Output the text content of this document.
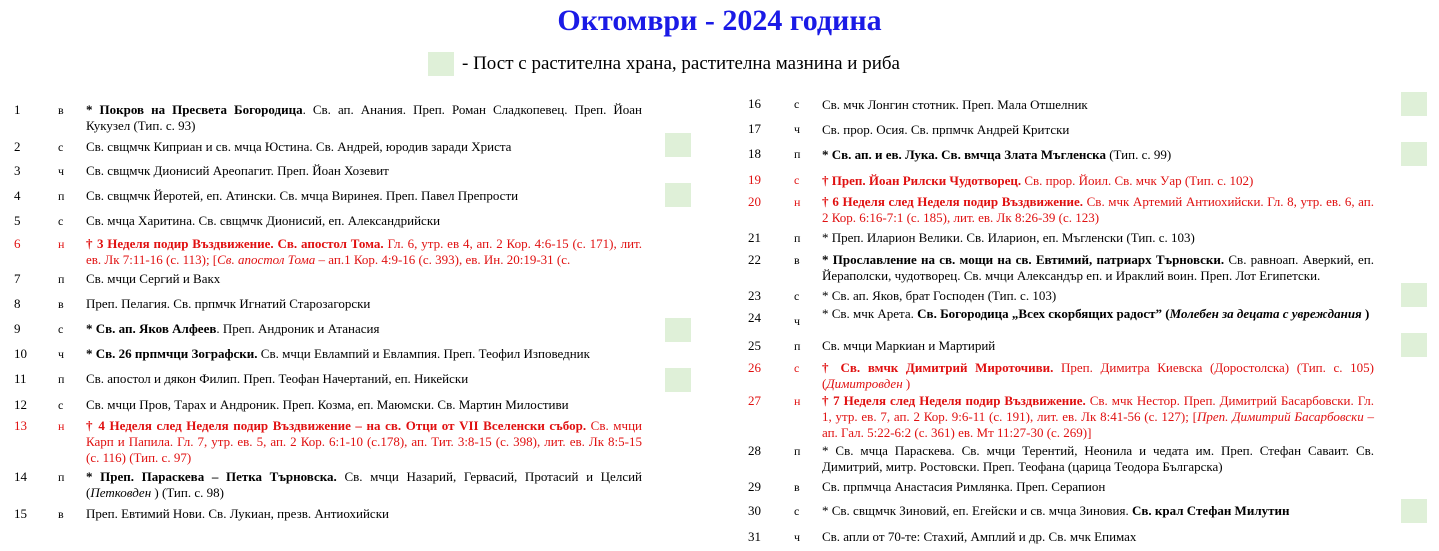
Октомври - 2024 година
- Пост с растителна храна, растителна мазнина и риба
1	в	* Покров на Пресвета Богородица. Св. ап. Анания. Преп. Роман Сладкопевец. Преп. Йоан Кукузел (Тип. с. 93)
2	с	Св. свщмчк Киприан и св. мчца Юстина. Св. Андрей, юродив заради Христа
3	ч	Св. свщмчк Дионисий Ареопагит. Преп. Йоан Хозевит
4	п	Св. свщмчк Йеротей, еп. Атински. Св. мчца Виринея. Преп. Павел Препрости
5	с	Св. мчца Харитина. Св. свщмчк Дионисий, еп. Александрийски
6	н	† 3 Неделя подир Въздвижение. Св. апостол Тома. Гл. 6, утр. ев 4, ап. 2 Кор. 4:6-15 (с. 171), лит. ев. Лк 7:11-16 (с. 113); [Св. апостол Тома – ап.1 Кор. 4:9-16 (с. 393), ев. Ин. 20:19-31 (с.
7	п	Св. мчци Сергий и Вакх
8	в	Преп. Пелагия. Св. прпмчк Игнатий Старозагорски
9	с	* Св. ап. Яков Алфеев. Преп. Андроник и Атанасия
10	ч	* Св. 26 прпмчци Зографски. Св. мчци Евлампий и Евлампия. Преп. Теофил Изповедник
11	п	Св. апостол и дякон Филип. Преп. Теофан Начертаний, еп. Никейски
12	с	Св. мчци Пров, Тарах и Андроник. Преп. Козма, еп. Маюмски. Св. Мартин Милостиви
13	н	† 4 Неделя след Неделя подир Въздвижение – на св. Отци от VII Вселенски събор. Св. мчци Карп и Папила. Гл. 7, утр. ев. 5, ап. 2 Кор. 6:1-10 (с.178), ап. Тит. 3:8-15 (с. 398), лит. ев. Лк 8:5-15 (с. 116) (Тип. с. 97)
14	п	* Преп. Параскева – Петка Търновска. Св. мчци Назарий, Гервасий, Протасий и Целсий (Петковден ) (Тип. с. 98)
15	в	Преп. Евтимий Нови. Св. Лукиан, презв. Антиохийски
16	с	Св. мчк Лонгин стотник. Преп. Мала Отшелник
17	ч	Св. прор. Осия. Св. прпмчк Андрей Критски
18	п	* Св. ап. и ев. Лука. Св. вмчца Злата Мъгленска (Тип. с. 99)
19	с	† Преп. Йоан Рилски Чудотворец. Св. прор. Йоил. Св. мчк Уар (Тип. с. 102)
20	н	† 6 Неделя след Неделя подир Въздвижение. Св. мчк Артемий Антиохийски. Гл. 8, утр. ев. 6, ап. 2 Кор. 6:16-7:1 (с. 185), лит. ев. Лк 8:26-39 (с. 123)
21	п	* Преп. Иларион Велики. Св. Иларион, еп. Мъгленски (Тип. с. 103)
22	в	* Прославление на св. мощи на св. Евтимий, патриарх Търновски. Св. равноап. Аверкий, еп. Йераполски, чудотворец. Св. мчци Александър еп. и Ираклий воин. Преп. Лот Египетски.
23	с	* Св. ап. Яков, брат Господен (Тип. с. 103)
24	ч	* Св. мчк Арета. Св. Богородица „Всех скорбящих радост” (Молебен за децата с увреждания )
25	п	Св. мчци Маркиан и Мартирий
26	с	† Св. вмчк Димитрий Мироточиви. Преп. Димитра Киевска (Доростолска) (Тип. с. 105) (Димитровден )
27	н	† 7 Неделя след Неделя подир Въздвижение. Св. мчк Нестор. Преп. Димитрий Басарбовски. Гл. 1, утр. ев. 7, ап. 2 Кор. 9:6-11 (с. 191), лит. ев. Лк 8:41-56 (с. 127); [Преп. Димитрий Басарбовски – ап. Гал. 5:22-6:2 (с. 361) ев. Мт 11:27-30 (с. 269)]
28	п	* Св. мчца Параскева. Св. мчци Терентий, Неонила и чедата им. Преп. Стефан Саваит. Св. Димитрий, митр. Ростовски. Преп. Теофана (царица Теодора Българска)
29	в	Св. прпмчца Анастасия Римлянка. Преп. Серапион
30	с	* Св. свщмчк Зиновий, еп. Егейски и св. мчца Зиновия. Св. крал Стефан Милутин
31	ч	Св. апли от 70-те: Стахий, Амплий и др. Св. мчк Епимах
